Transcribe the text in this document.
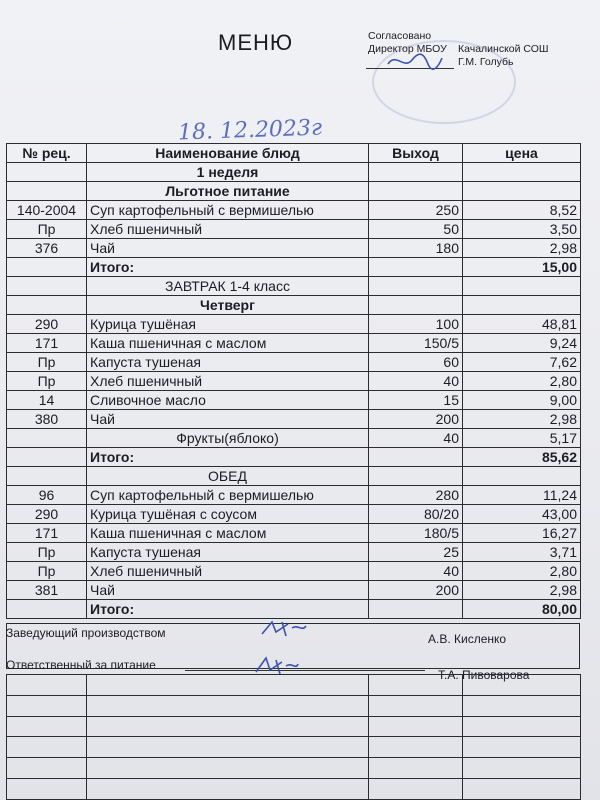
МЕНЮ	Согласовано
Директор МБОУ Качалинской СОШ
Г.М. Голубь
18. 12.2023г
№ рец.	Наименование блюд	Выход	цена
	1 неделя		
	Льготное питание		
140-2004	Суп картофельный с вермишелью	250	8,52
Пр	Хлеб пшеничный	50	3,50
376	Чай	180	2,98
	Итого:		15,00
	ЗАВТРАК 1-4 класс		
	Четверг		
290	Курица тушёная	100	48,81
171	Каша пшеничная с маслом	150/5	9,24
Пр	Капуста тушеная	60	7,62
Пр	Хлеб пшеничный	40	2,80
14	Сливочное масло	15	9,00
380	Чай	200	2,98
	Фрукты(яблоко)	40	5,17
	Итого:		85,62
	ОБЕД		
96	Суп картофельный с вермишелью	280	11,24
290	Курица тушёная с соусом	80/20	43,00
171	Каша пшеничная с маслом	180/5	16,27
Пр	Капуста тушеная	25	3,71
Пр	Хлеб пшеничный	40	2,80
381	Чай	200	2,98
	Итого:		80,00
Заведующий производством	А.В. Кисленко
Ответственный за питание
Т.А. Пивоварова
